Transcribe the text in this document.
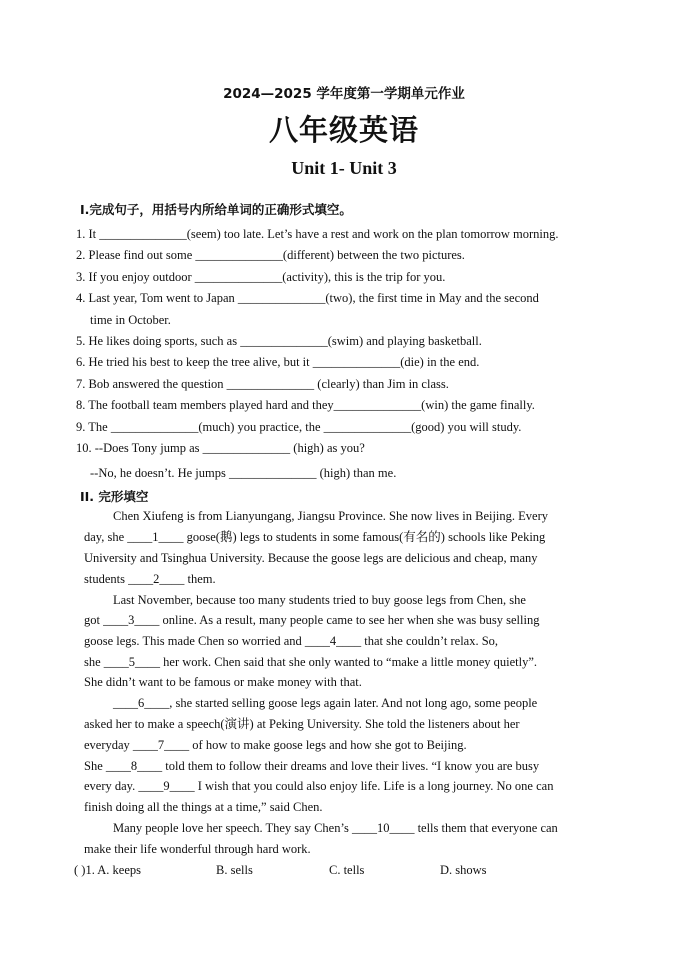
2024—2025 学年度第一学期单元作业
八年级英语
Unit 1- Unit 3
Ⅰ.完成句子，用括号内所给单词的正确形式填空。
1. It ______________(seem) too late. Let’s have a rest and work on the plan tomorrow morning.
2. Please find out some ______________(different) between the two pictures.
3. If you enjoy outdoor ______________(activity), this is the trip for you.
4. Last year, Tom went to Japan ______________(two), the first time in May and the second
time in October.
5. He likes doing sports, such as ______________(swim) and playing basketball.
6. He tried his best to keep the tree alive, but it ______________(die) in the end.
7. Bob answered the question ______________ (clearly) than Jim in class.
8. The football team members played hard and they______________(win) the game finally.
9. The ______________(much) you practice, the ______________(good) you will study.
10. --Does Tony jump as ______________ (high) as you?
--No, he doesn’t. He jumps ______________ (high) than me.
II. 完形填空
Chen Xiufeng is from Lianyungang, Jiangsu Province. She now lives in Beijing. Every
day, she ____1____ goose(鹅) legs to students in some famous(有名的) schools like Peking
University and Tsinghua University. Because the goose legs are delicious and cheap, many
students ____2____ them.
Last November, because too many students tried to buy goose legs from Chen, she
got ____3____ online. As a result, many people came to see her when she was busy selling
goose legs. This made Chen so worried and ____4____ that she couldn’t relax. So,
she ____5____ her work. Chen said that she only wanted to “make a little money quietly”.
She didn’t want to be famous or make money with that.
____6____, she started selling goose legs again later. And not long ago, some people
asked her to make a speech(演讲) at Peking University. She told the listeners about her
everyday ____7____ of how to make goose legs and how she got to Beijing.
She ____8____ told them to follow their dreams and love their lives. “I know you are busy
every day. ____9____ I wish that you could also enjoy life. Life is a long journey. No one can
finish doing all the things at a time,” said Chen.
Many people love her speech. They say Chen’s ____10____ tells them that everyone can
make their life wonderful through hard work.
( )1. A. keeps	B. sells	C. tells	D. shows
